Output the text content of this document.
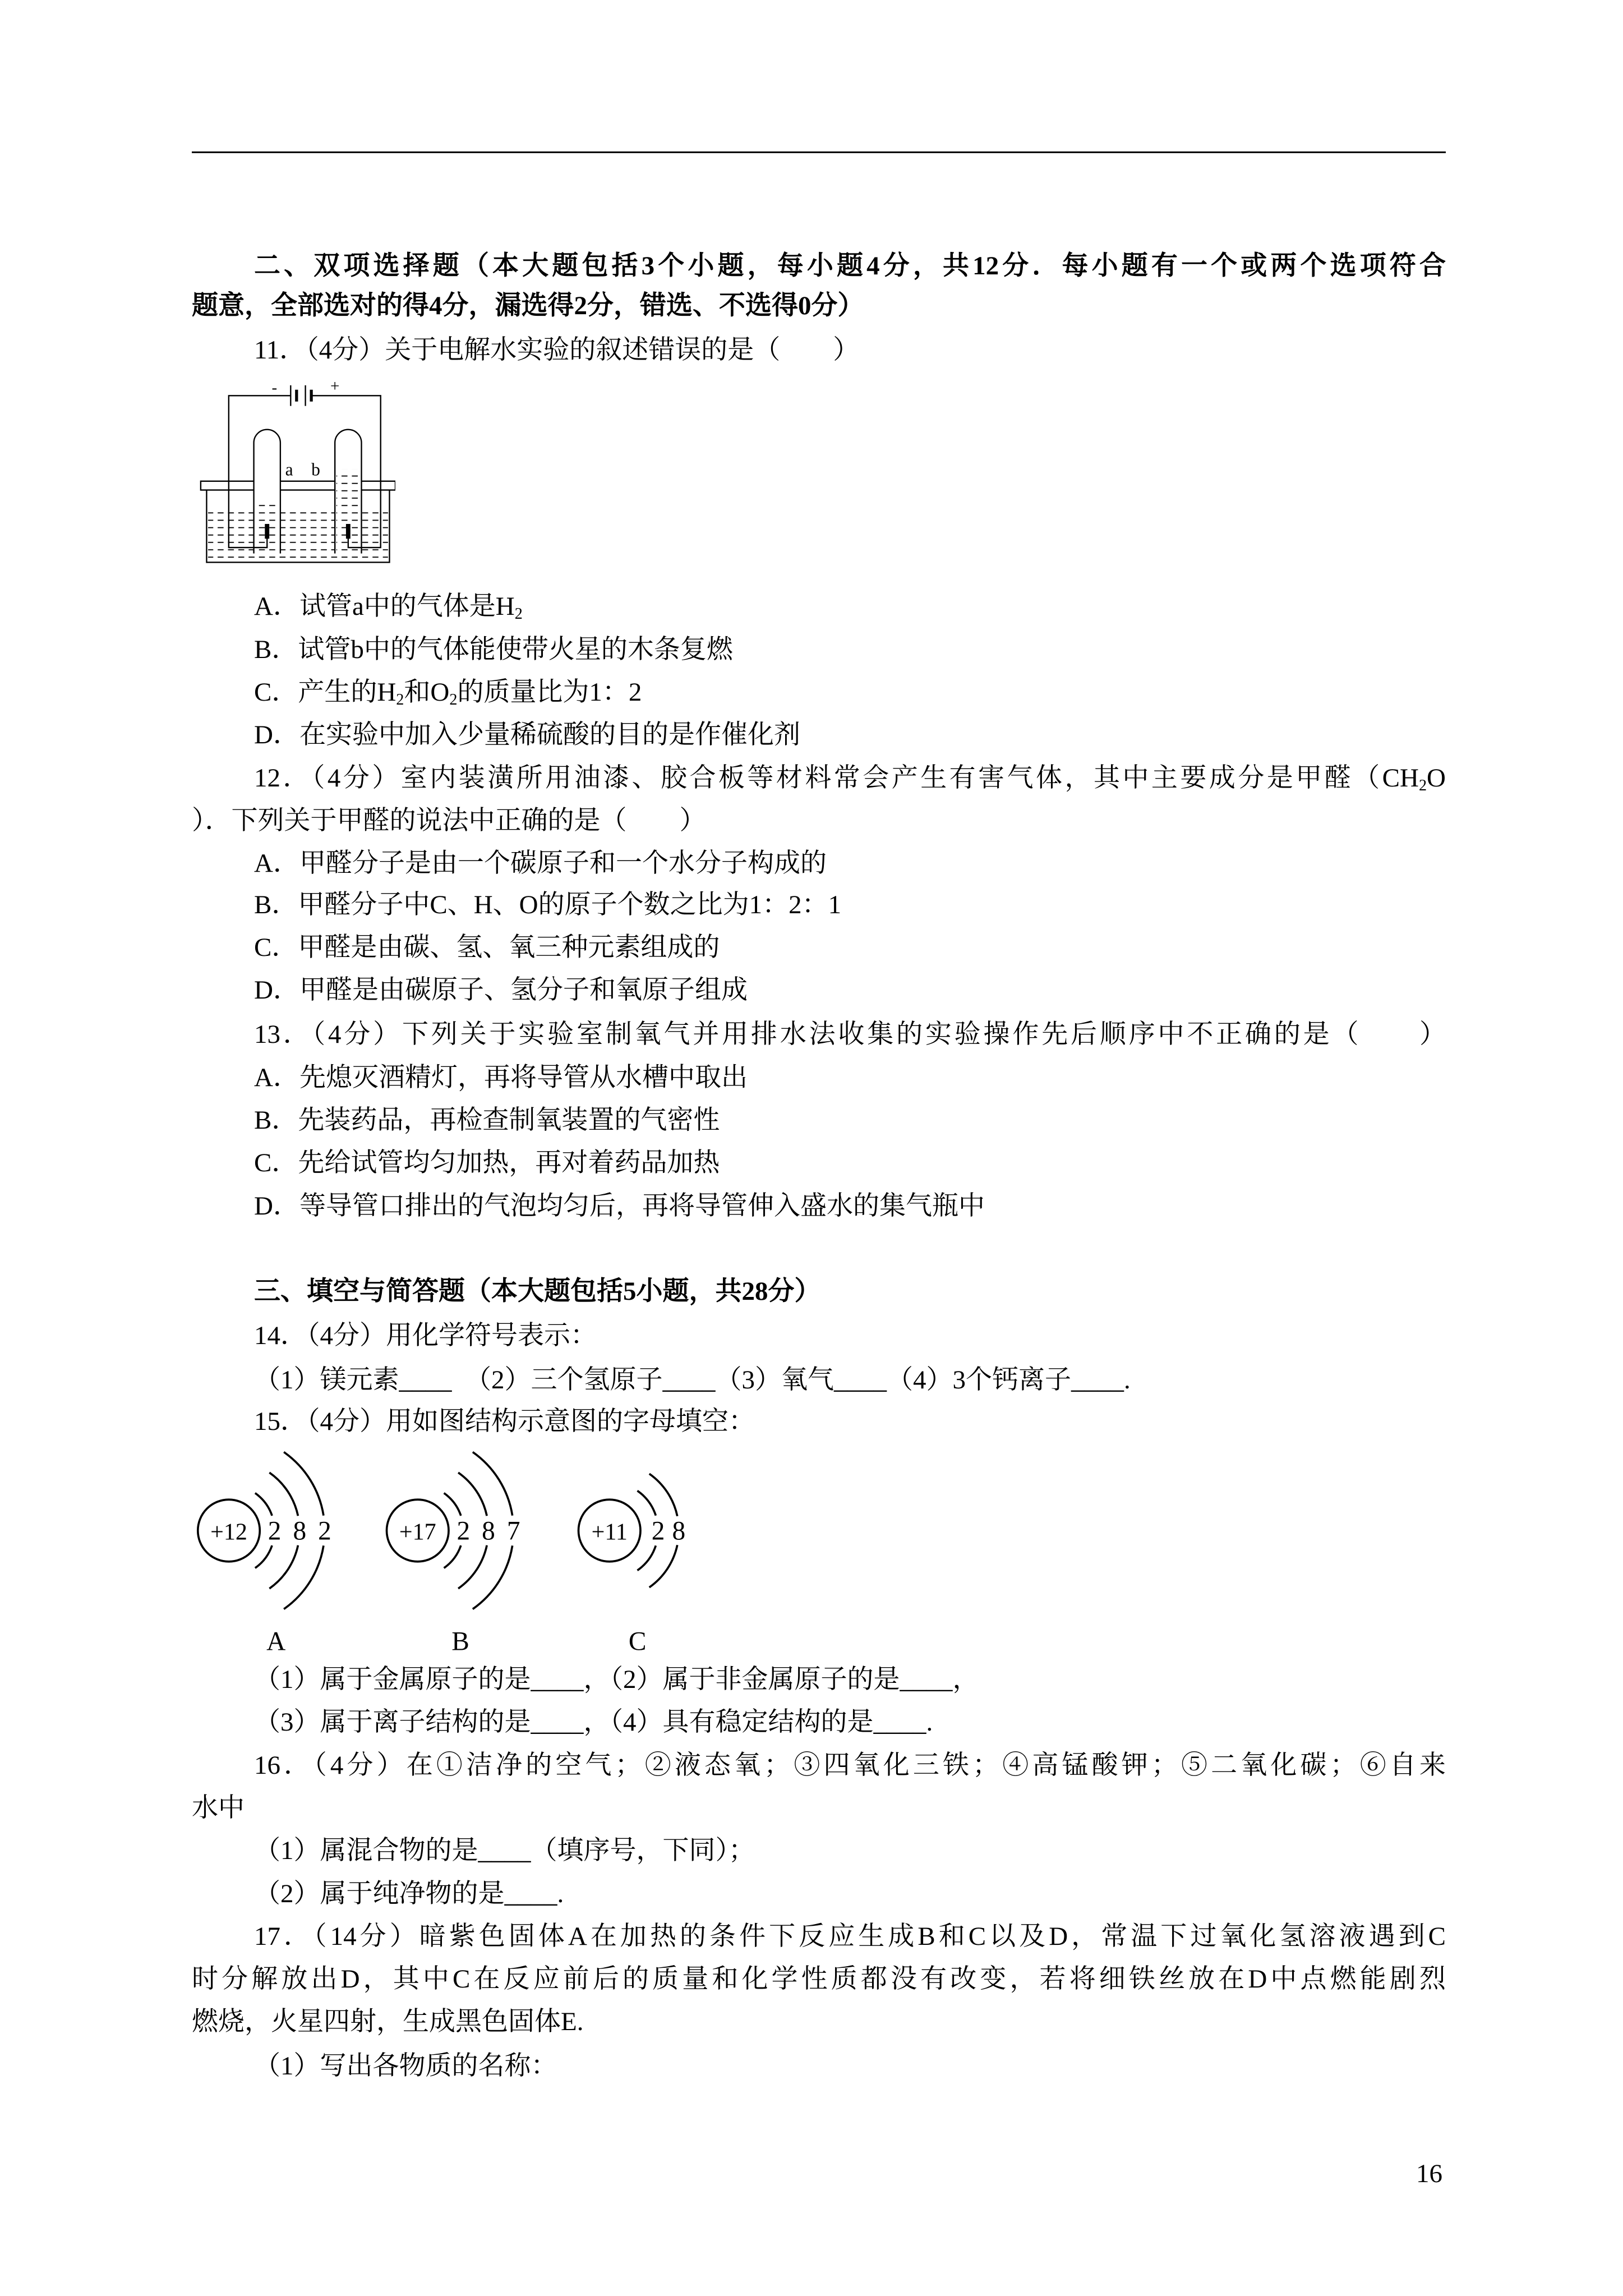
二、双项选择题（本大题包括3个小题，每小题4分，共12分．每小题有一个或两个选项符合
题意，全部选对的得4分，漏选得2分，错选、不选得0分）
11．（4分）关于电解水实验的叙述错误的是（　　）
-	+
a	b
A．试管a中的气体是$H_2$
B．试管b中的气体能使带火星的木条复燃
C．产生的$H_2$和$O_2$的质量比为1：2
D．在实验中加入少量稀硫酸的目的是作催化剂
12．（4分）室内装潢所用油漆、胶合板等材料常会产生有害气体，其中主要成分是甲醛（$CH_2O$
）．下列关于甲醛的说法中正确的是（　　）
A．甲醛分子是由一个碳原子和一个水分子构成的
B．甲醛分子中C、H、O的原子个数之比为1：2：1
C．甲醛是由碳、氢、氧三种元素组成的
D．甲醛是由碳原子、氢分子和氧原子组成
13．（4分）下列关于实验室制氧气并用排水法收集的实验操作先后顺序中不正确的是（　　）
A．先熄灭酒精灯，再将导管从水槽中取出
B．先装药品，再检查制氧装置的气密性
C．先给试管均匀加热，再对着药品加热
D．等导管口排出的气泡均匀后，再将导管伸入盛水的集气瓶中
三、填空与简答题（本大题包括5小题，共28分）
14．（4分）用化学符号表示：
（1）镁元素____　（2）三个氢原子____（3）氧气____（4）3个钙离子____.
15．（4分）用如图结构示意图的字母填空：
+12 2 8 2
A
+17 2 8 7
B
+11 2 8
C
（1）属于金属原子的是____，（2）属于非金属原子的是____，
（3）属于离子结构的是____，（4）具有稳定结构的是____.
16．（4分）在①洁净的空气；②液态氧；③四氧化三铁；④高锰酸钾；⑤二氧化碳；⑥自来
水中
（1）属混合物的是____（填序号，下同）；
（2）属于纯净物的是____.
17．（14分）暗紫色固体A在加热的条件下反应生成B和C以及D，常温下过氧化氢溶液遇到C
时分解放出D，其中C在反应前后的质量和化学性质都没有改变，若将细铁丝放在D中点燃能剧烈
燃烧，火星四射，生成黑色固体E.
（1）写出各物质的名称：
16
